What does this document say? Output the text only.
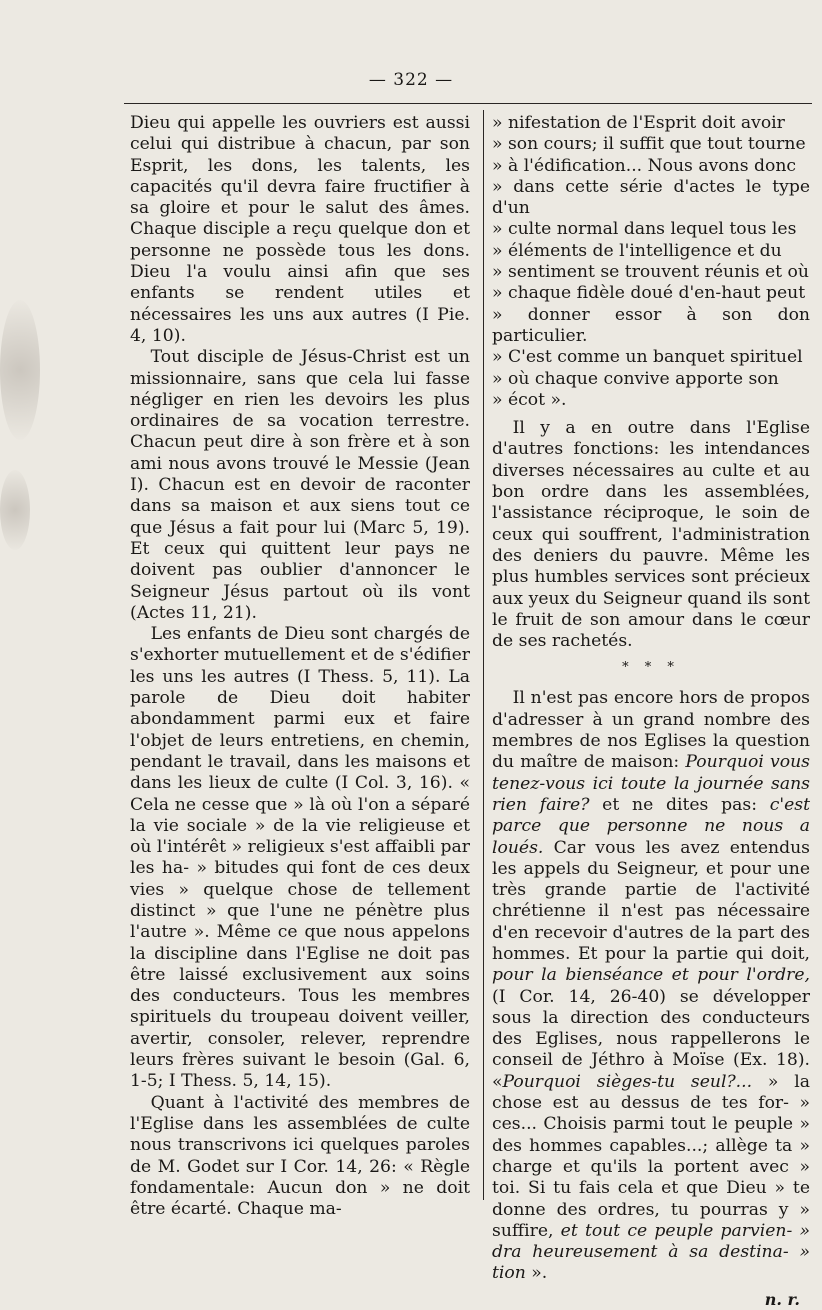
— 322 —

Dieu qui appelle les ouvriers est aussi celui qui distribue à chacun, par son Esprit, les dons, les talents, les capacités qu'il devra faire fructifier à sa gloire et pour le salut des âmes. Chaque disciple a reçu quelque don et personne ne possède tous les dons. Dieu l'a voulu ainsi afin que ses enfants se rendent utiles et nécessaires les uns aux autres (I Pie. 4, 10).

Tout disciple de Jésus-Christ est un missionnaire, sans que cela lui fasse négliger en rien les devoirs les plus ordinaires de sa vocation terrestre. Chacun peut dire à son frère et à son ami nous avons trouvé le Messie (Jean I). Chacun est en devoir de raconter dans sa maison et aux siens tout ce que Jésus a fait pour lui (Marc 5, 19). Et ceux qui quittent leur pays ne doivent pas oublier d'annoncer le Seigneur Jésus partout où ils vont (Actes 11, 21).

Les enfants de Dieu sont chargés de s'exhorter mutuellement et de s'édifier les uns les autres (I Thess. 5, 11). La parole de Dieu doit habiter abondamment parmi eux et faire l'objet de leurs entretiens, en chemin, pendant le travail, dans les maisons et dans les lieux de culte (I Col. 3, 16). « Cela ne cesse que » là où l'on a séparé la vie sociale » de la vie religieuse et où l'intérêt » religieux s'est affaibli par les ha- » bitudes qui font de ces deux vies » quelque chose de tellement distinct » que l'une ne pénètre plus l'autre ». Même ce que nous appelons la discipline dans l'Eglise ne doit pas être laissé exclusivement aux soins des conducteurs. Tous les membres spirituels du troupeau doivent veiller, avertir, consoler, relever, reprendre leurs frères suivant le besoin (Gal. 6, 1-5; I Thess. 5, 14, 15).

Quant à l'activité des membres de l'Eglise dans les assemblées de culte nous transcrivons ici quelques paroles de M. Godet sur I Cor. 14, 26: « Règle fondamentale: Aucun don » ne doit être écarté. Chaque ma-

» nifestation de l'Esprit doit avoir

» son cours; il suffit que tout tourne

» à l'édification... Nous avons donc

» dans cette série d'actes le type d'un

» culte normal dans lequel tous les

» éléments de l'intelligence et du

» sentiment se trouvent réunis et où

» chaque fidèle doué d'en-haut peut

» donner essor à son don particulier.

» C'est comme un banquet spirituel

» où chaque convive apporte son

» écot ».

Il y a en outre dans l'Eglise d'autres fonctions: les intendances diverses nécessaires au culte et au bon ordre dans les assemblées, l'assistance réciproque, le soin de ceux qui souffrent, l'administration des deniers du pauvre. Même les plus humbles services sont précieux aux yeux du Seigneur quand ils sont le fruit de son amour dans le cœur de ses rachetés.

* * *

Il n'est pas encore hors de propos d'adresser à un grand nombre des membres de nos Eglises la question du maître de maison: Pourquoi vous tenez-vous ici toute la journée sans rien faire? et ne dites pas: c'est parce que personne ne nous a loués. Car vous les avez entendus les appels du Seigneur, et pour une très grande partie de l'activité chrétienne il n'est pas nécessaire d'en recevoir d'autres de la part des hommes. Et pour la partie qui doit, pour la bienséance et pour l'ordre, (I Cor. 14, 26-40) se développer sous la direction des conducteurs des Eglises, nous rappellerons le conseil de Jéthro à Moïse (Ex. 18). «Pourquoi sièges-tu seul?... » la chose est au dessus de tes for- » ces... Choisis parmi tout le peuple » des hommes capables...; allège ta » charge et qu'ils la portent avec » toi. Si tu fais cela et que Dieu » te donne des ordres, tu pourras y » suffire, et tout ce peuple parvien- » dra heureusement à sa destina- » tion ».

n. r.
